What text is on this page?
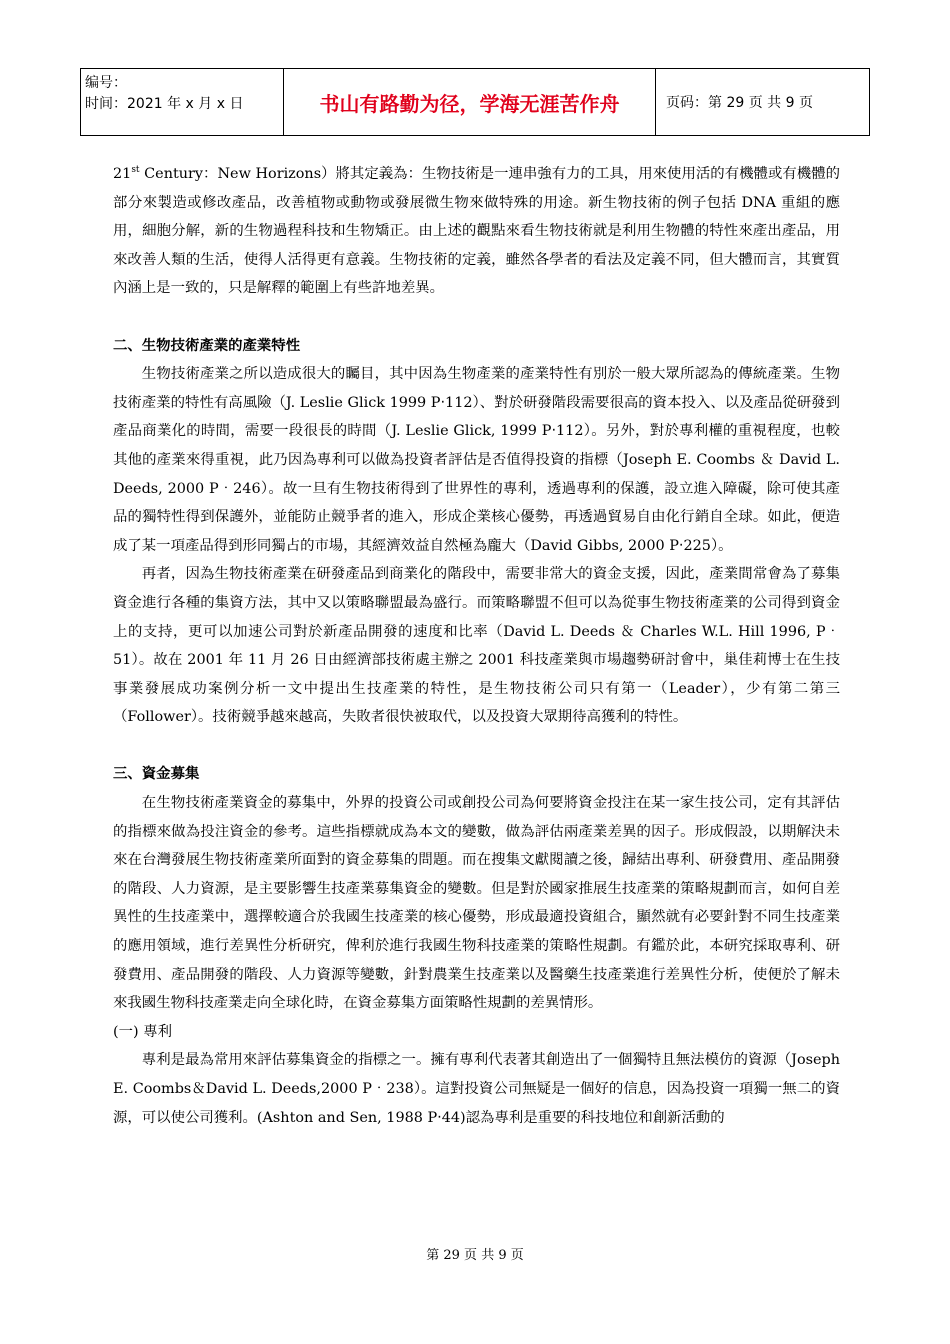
编号：
时间：2021 年 x 月 x 日	书山有路勤为径，学海无涯苦作舟	页码：第 29 页 共 9 页

21st Century：New Horizons）將其定義為：生物技術是一連串強有力的工具，用來使用活的有機體或有機體的部分來製造或修改產品，改善植物或動物或發展微生物來做特殊的用途。新生物技術的例子包括 DNA 重組的應用，細胞分解，新的生物過程科技和生物矯正。由上述的觀點來看生物技術就是利用生物體的特性來產出產品，用來改善人類的生活，使得人活得更有意義。生物技術的定義，雖然各學者的看法及定義不同，但大體而言，其實質內涵上是一致的，只是解釋的範圍上有些許地差異。

二、生物技術產業的產業特性

生物技術產業之所以造成很大的矚目，其中因為生物產業的產業特性有別於一般大眾所認為的傳統產業。生物技術產業的特性有高風險（J. Leslie Glick 1999 P‧112）、對於研發階段需要很高的資本投入、以及產品從研發到產品商業化的時間，需要一段很長的時間（J. Leslie Glick, 1999 P‧112）。另外，對於專利權的重視程度，也較其他的產業來得重視，此乃因為專利可以做為投資者評估是否值得投資的指標（Joseph E. Coombs ＆ David L. Deeds, 2000 P‧246）。故一旦有生物技術得到了世界性的專利，透過專利的保護，設立進入障礙，除可使其產品的獨特性得到保護外，並能防止競爭者的進入，形成企業核心優勢，再透過貿易自由化行銷自全球。如此，便造成了某一項產品得到形同獨占的市場，其經濟效益自然極為龐大（David Gibbs, 2000 P‧225）。

再者，因為生物技術產業在研發產品到商業化的階段中，需要非常大的資金支援，因此，產業間常會為了募集資金進行各種的集資方法，其中又以策略聯盟最為盛行。而策略聯盟不但可以為從事生物技術產業的公司得到資金上的支持，更可以加速公司對於新產品開發的速度和比率（David L. Deeds ＆ Charles W.L. Hill 1996, P‧51）。故在 2001 年 11 月 26 日由經濟部技術處主辦之 2001 科技產業與市場趨勢研討會中，巢佳莉博士在生技事業發展成功案例分析一文中提出生技產業的特性，是生物技術公司只有第一（Leader），少有第二第三（Follower）。技術競爭越來越高，失敗者很快被取代，以及投資大眾期待高獲利的特性。

三、資金募集

在生物技術產業資金的募集中，外界的投資公司或創投公司為何要將資金投注在某一家生技公司，定有其評估的指標來做為投注資金的參考。這些指標就成為本文的變數，做為評估兩產業差異的因子。形成假設，以期解決未來在台灣發展生物技術產業所面對的資金募集的問題。而在搜集文獻閱讀之後，歸結出專利、研發費用、產品開發的階段、人力資源，是主要影響生技產業募集資金的變數。但是對於國家推展生技產業的策略規劃而言，如何自差異性的生技產業中，選擇較適合於我國生技產業的核心優勢，形成最適投資組合，顯然就有必要針對不同生技產業的應用領域，進行差異性分析研究，俾利於進行我國生物科技產業的策略性規劃。有鑑於此，本研究採取專利、研發費用、產品開發的階段、人力資源等變數，針對農業生技產業以及醫藥生技產業進行差異性分析，使便於了解未來我國生物科技產業走向全球化時，在資金募集方面策略性規劃的差異情形。

(一) 專利

專利是最為常用來評估募集資金的指標之一。擁有專利代表著其創造出了一個獨特且無法模仿的資源（Joseph E. Coombs＆David L. Deeds,2000 P‧238）。這對投資公司無疑是一個好的信息，因為投資一項獨一無二的資源，可以使公司獲利。(Ashton and Sen, 1988 P‧44)認為專利是重要的科技地位和創新活動的

第 29 页 共 9 页
